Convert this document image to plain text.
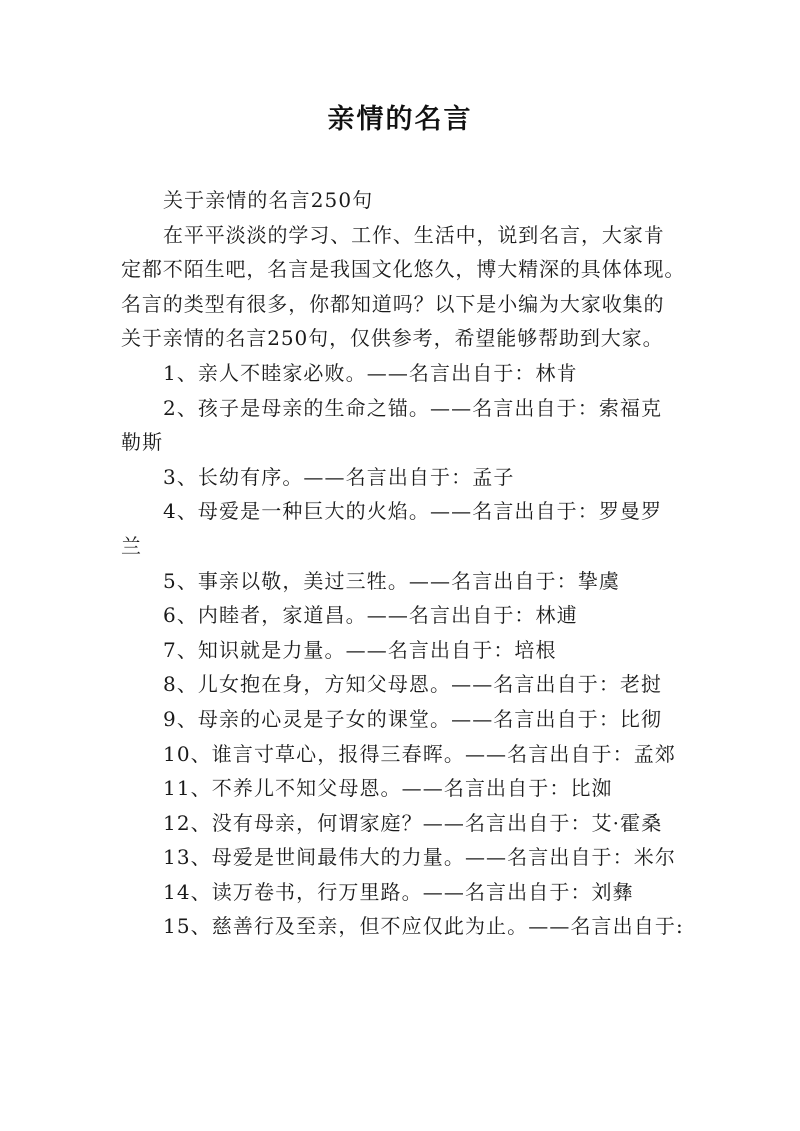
亲情的名言
关于亲情的名言250句
在平平淡淡的学习、工作、生活中，说到名言，大家肯
定都不陌生吧，名言是我国文化悠久，博大精深的具体体现。
名言的类型有很多，你都知道吗？以下是小编为大家收集的
关于亲情的名言250句，仅供参考，希望能够帮助到大家。
1、亲人不睦家必败。——名言出自于：林肯
2、孩子是母亲的生命之锚。——名言出自于：索福克
勒斯
3、长幼有序。——名言出自于：孟子
4、母爱是一种巨大的火焰。——名言出自于：罗曼罗
兰
5、事亲以敬，美过三牲。——名言出自于：挚虞
6、内睦者，家道昌。——名言出自于：林逋
7、知识就是力量。——名言出自于：培根
8、儿女抱在身，方知父母恩。——名言出自于：老挝
9、母亲的心灵是子女的课堂。——名言出自于：比彻
10、谁言寸草心，报得三春晖。——名言出自于：孟郊
11、不养儿不知父母恩。——名言出自于：比洳
12、没有母亲，何谓家庭？——名言出自于：艾·霍桑
13、母爱是世间最伟大的力量。——名言出自于：米尔
14、读万卷书，行万里路。——名言出自于：刘彝
15、慈善行及至亲，但不应仅此为止。——名言出自于:
